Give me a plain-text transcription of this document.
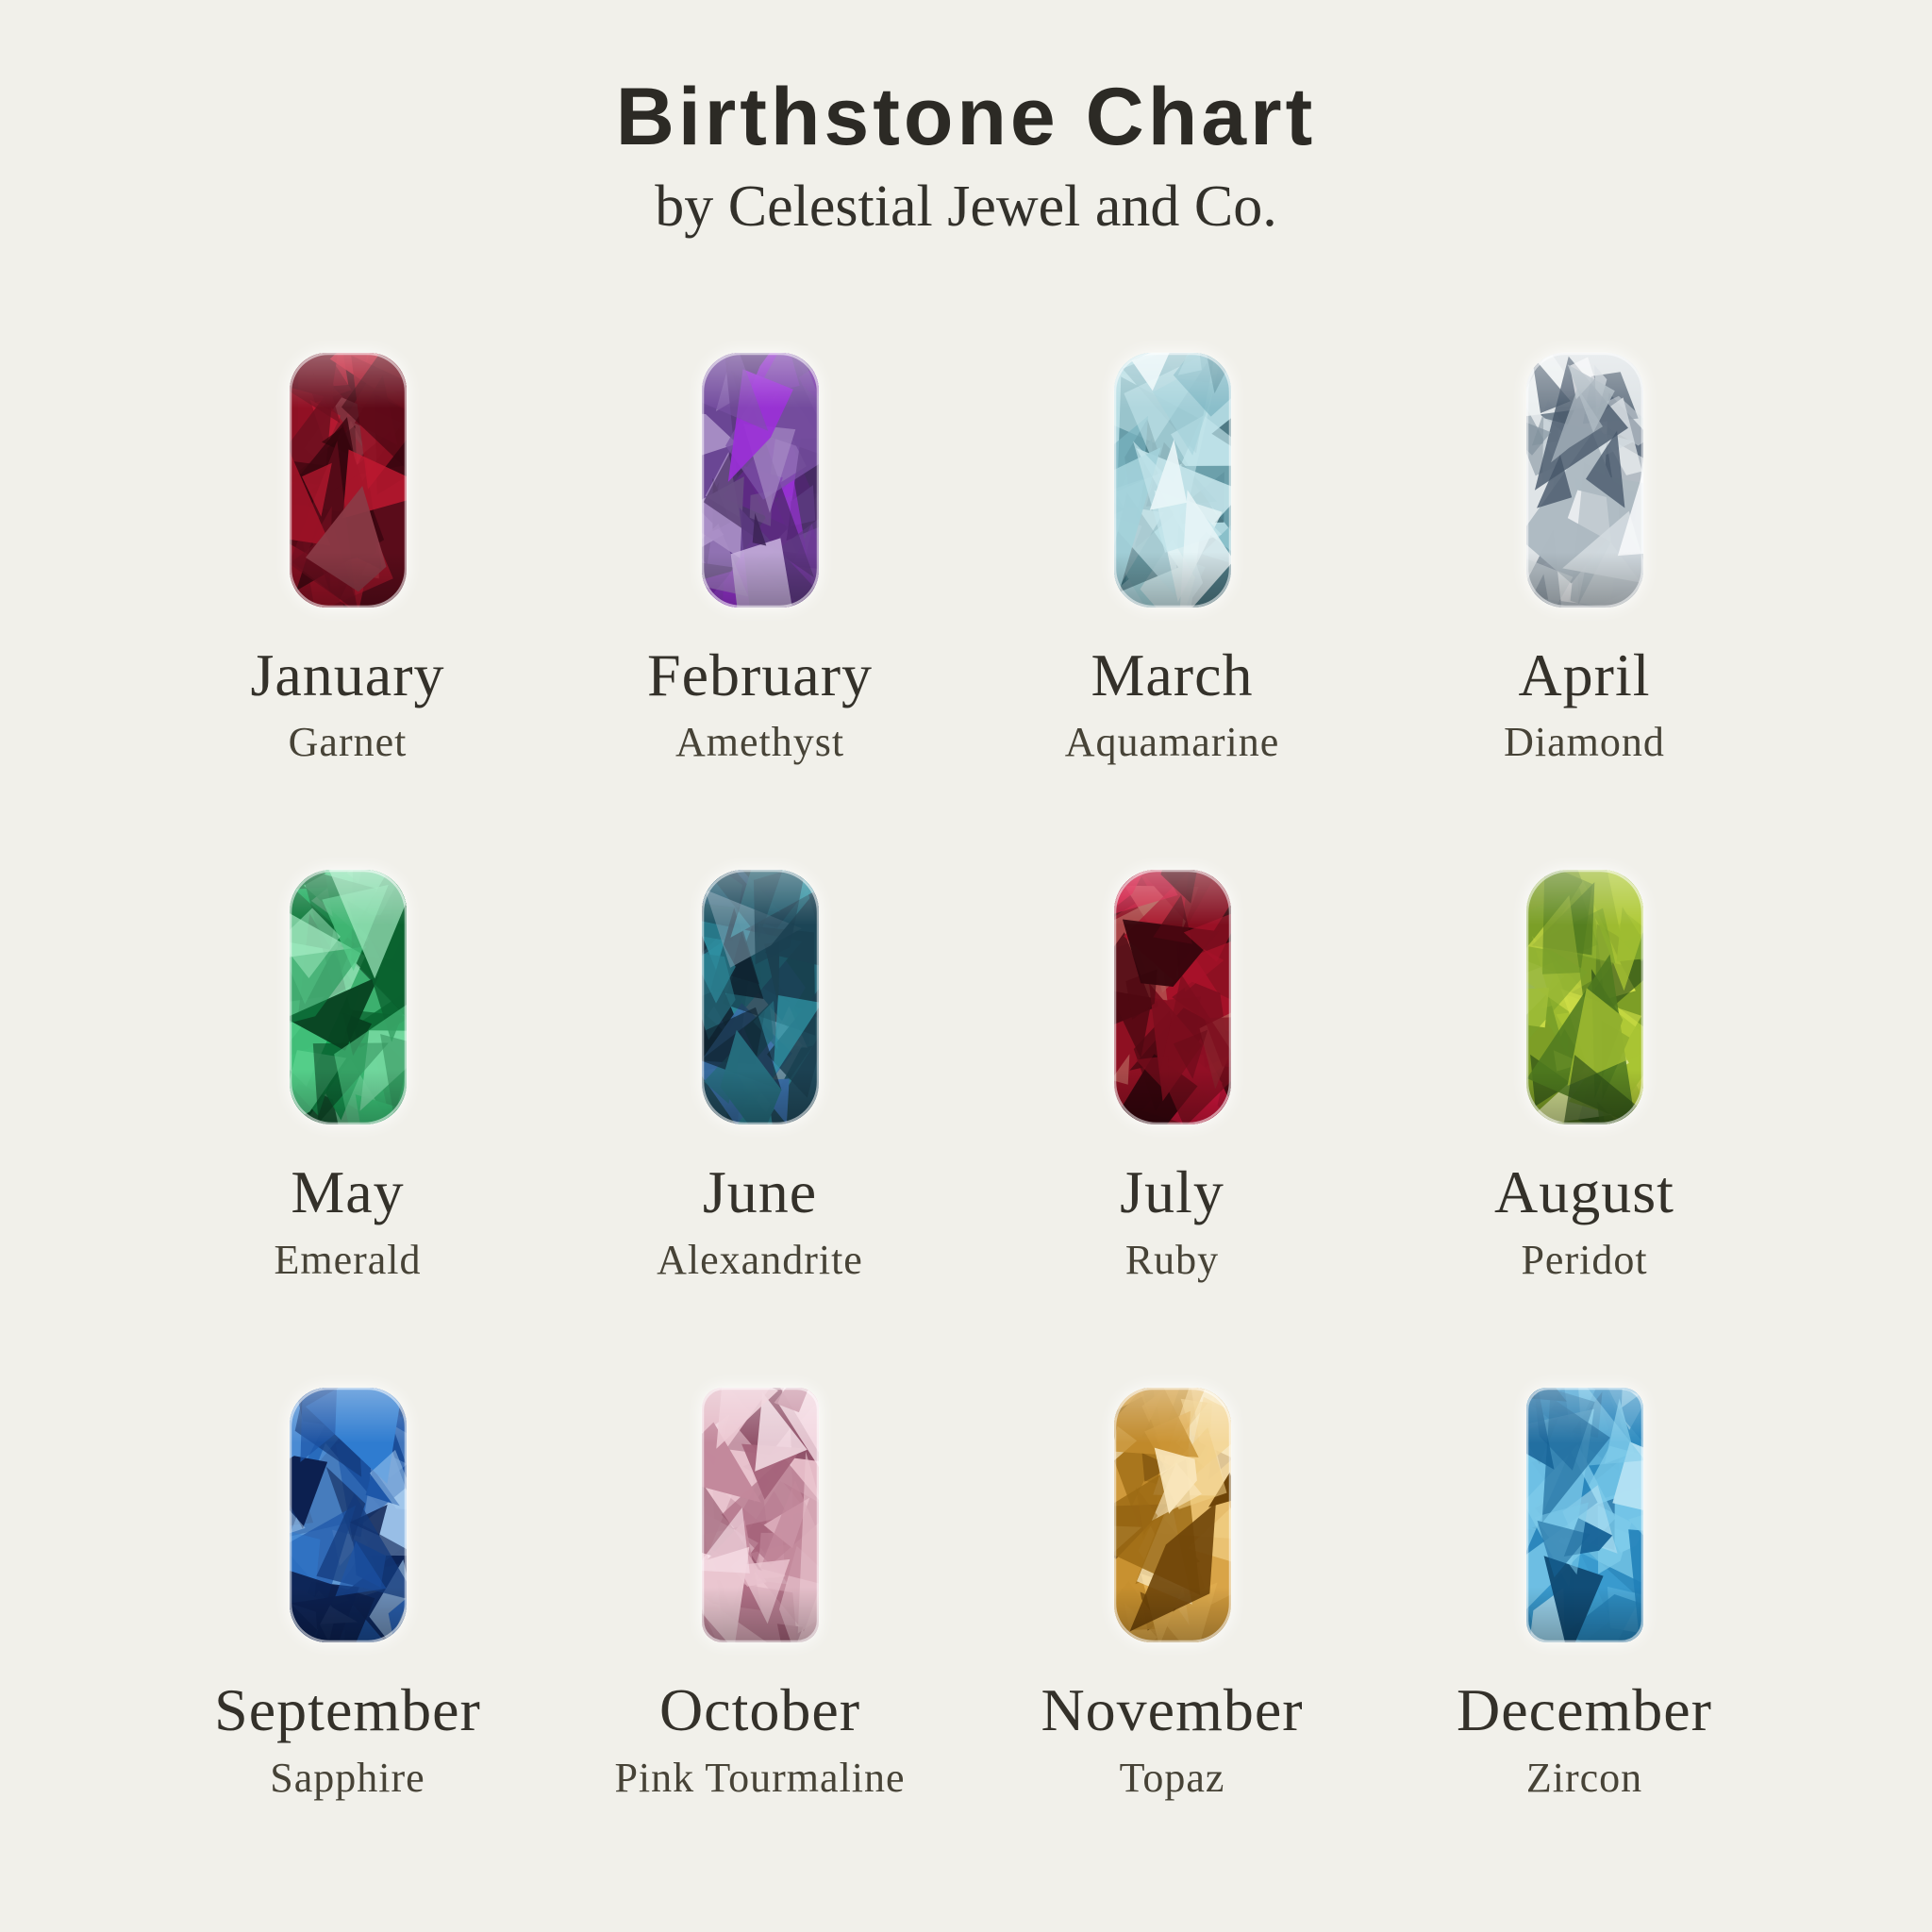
Birthstone Chart

by Celestial Jewel and Co.

January
Garnet
February
Amethyst
March
Aquamarine
April
Diamond
May
Emerald
June
Alexandrite
July
Ruby
August
Peridot
September
Sapphire
October
Pink Tourmaline
November
Topaz
December
Zircon
